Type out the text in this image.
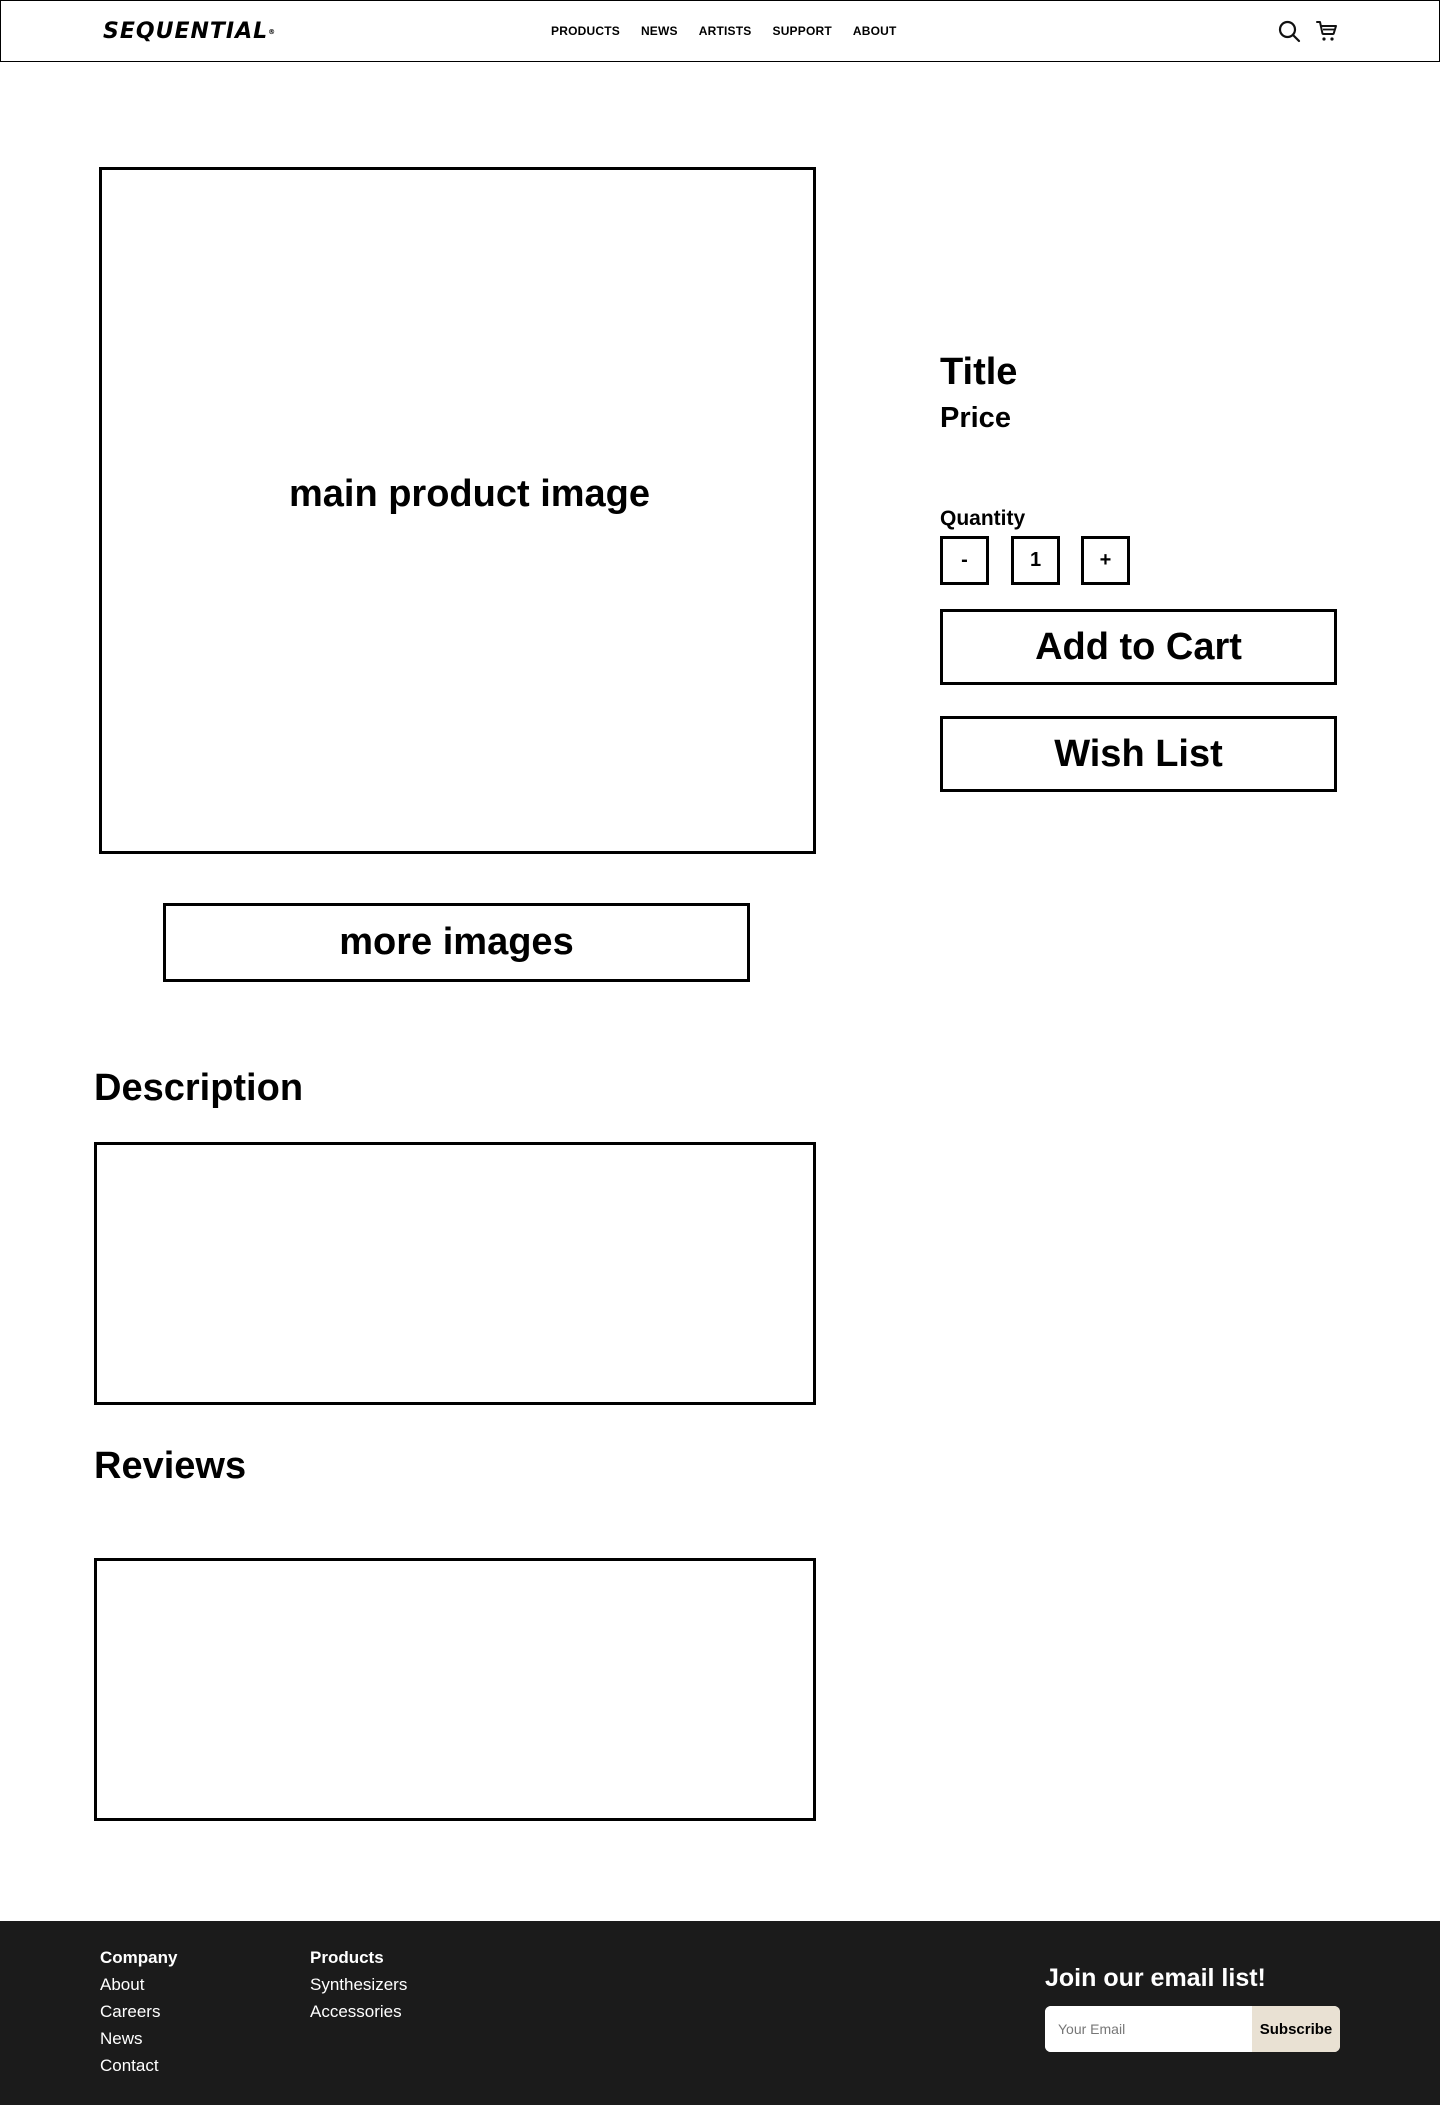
SEQUENTIAL®	PRODUCTS NEWS ARTISTS SUPPORT ABOUT
main product image
more images
Title
Price
Quantity
-	1	+
Add to Cart
Wish List
Description
Reviews
Company
About
Careers
News
Contact
Products
Synthesizers
Accessories
Join our email list!
Your Email
Subscribe
